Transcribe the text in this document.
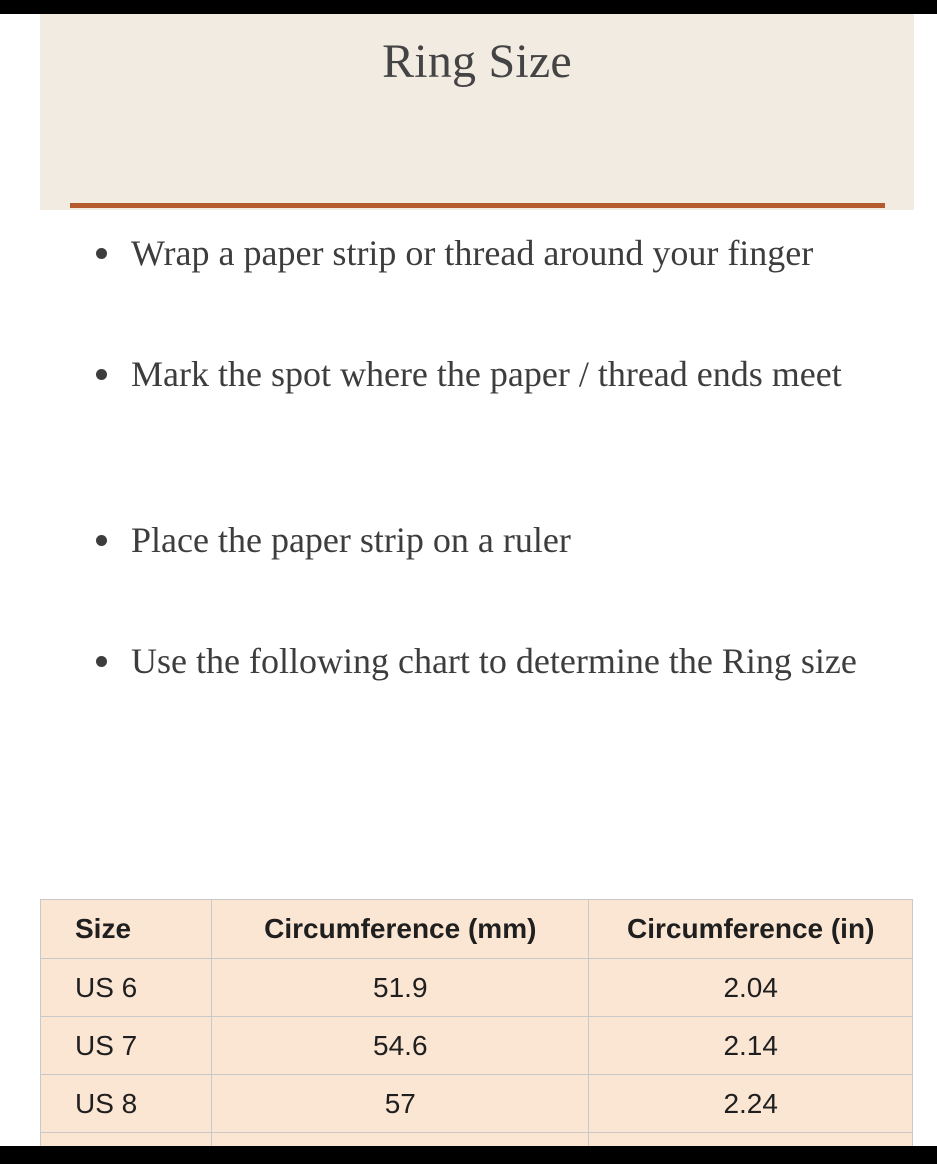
Ring Size
Wrap a paper strip or thread around your finger
Mark the spot where the paper / thread ends meet
Place the paper strip on a ruler
Use the following chart to determine the Ring size
Size	Circumference (mm)	Circumference (in)
US 6	51.9	2.04
US 7	54.6	2.14
US 8	57	2.24
